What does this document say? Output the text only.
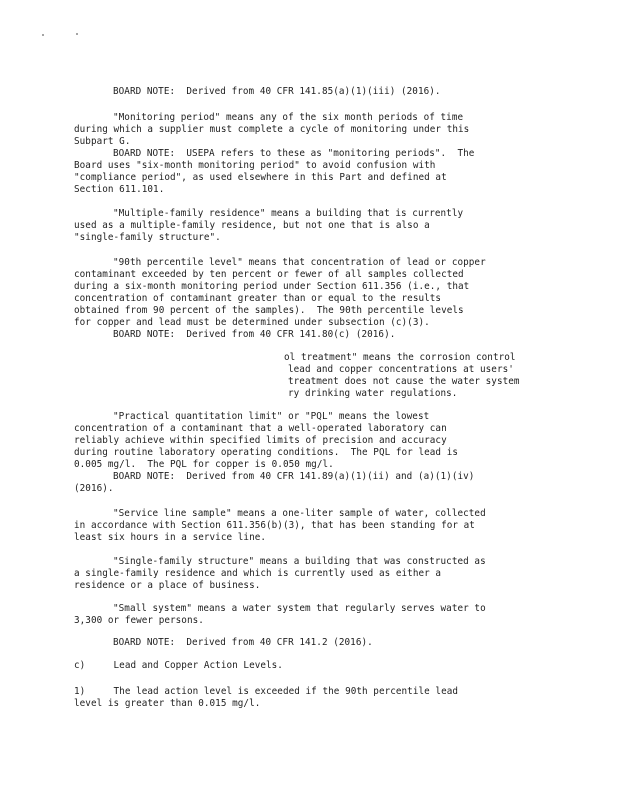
BOARD NOTE:  Derived from 40 CFR 141.85(a)(1)(iii) (2016).
"Monitoring period" means any of the six month periods of time
during which a supplier must complete a cycle of monitoring under this
Subpart G.
BOARD NOTE:  USEPA refers to these as "monitoring periods".  The
Board uses "six-month monitoring period" to avoid confusion with
"compliance period", as used elsewhere in this Part and defined at
Section 611.101.
"Multiple-family residence" means a building that is currently
used as a multiple-family residence, but not one that is also a
"single-family structure".
"90th percentile level" means that concentration of lead or copper
contaminant exceeded by ten percent or fewer of all samples collected
during a six-month monitoring period under Section 611.356 (i.e., that
concentration of contaminant greater than or equal to the results
obtained from 90 percent of the samples).  The 90th percentile levels
for copper and lead must be determined under subsection (c)(3).
BOARD NOTE:  Derived from 40 CFR 141.80(c) (2016).
ol treatment" means the corrosion control
lead and copper concentrations at users'
treatment does not cause the water system
ry drinking water regulations.
"Practical quantitation limit" or "PQL" means the lowest
concentration of a contaminant that a well-operated laboratory can
reliably achieve within specified limits of precision and accuracy
during routine laboratory operating conditions.  The PQL for lead is
0.005 mg/l.  The PQL for copper is 0.050 mg/l.
BOARD NOTE:  Derived from 40 CFR 141.89(a)(1)(ii) and (a)(1)(iv)
(2016).
"Service line sample" means a one-liter sample of water, collected
in accordance with Section 611.356(b)(3), that has been standing for at
least six hours in a service line.
"Single-family structure" means a building that was constructed as
a single-family residence and which is currently used as either a
residence or a place of business.
"Small system" means a water system that regularly serves water to
3,300 or fewer persons.
BOARD NOTE:  Derived from 40 CFR 141.2 (2016).
c)     Lead and Copper Action Levels.
1)     The lead action level is exceeded if the 90th percentile lead
level is greater than 0.015 mg/l.
